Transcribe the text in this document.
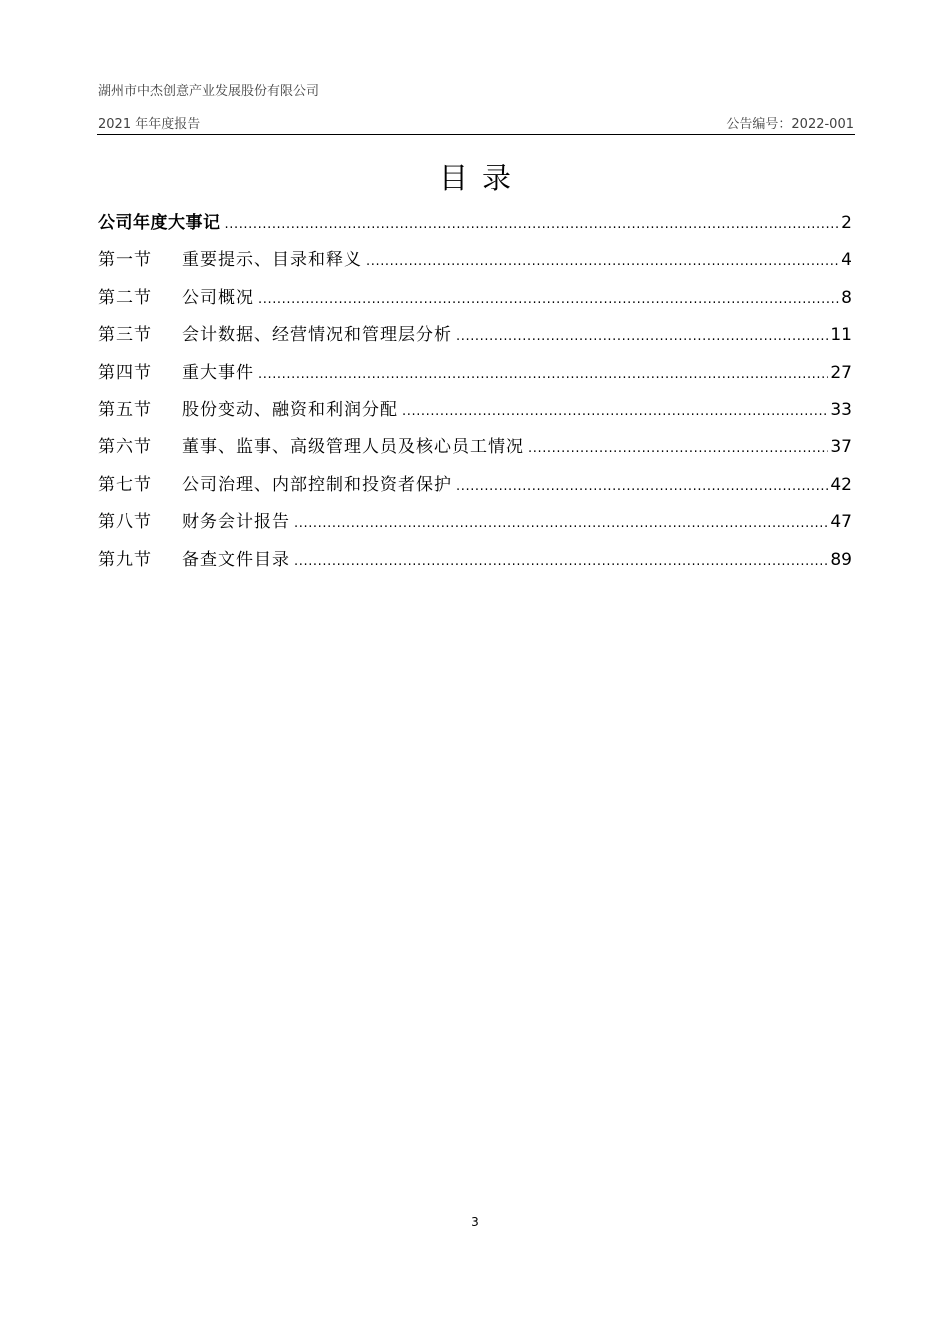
湖州市中杰创意产业发展股份有限公司
2021 年年度报告	公告编号：2022-001
目录
公司年度大事记 .....	2
第一节	重要提示、目录和释义 .....	4
第二节	公司概况 .....	8
第三节	会计数据、经营情况和管理层分析 .....	11
第四节	重大事件 .....	27
第五节	股份变动、融资和利润分配 .....	33
第六节	董事、监事、高级管理人员及核心员工情况 .....	37
第七节	公司治理、内部控制和投资者保护 .....	42
第八节	财务会计报告 .....	47
第九节	备查文件目录 .....	89
3
